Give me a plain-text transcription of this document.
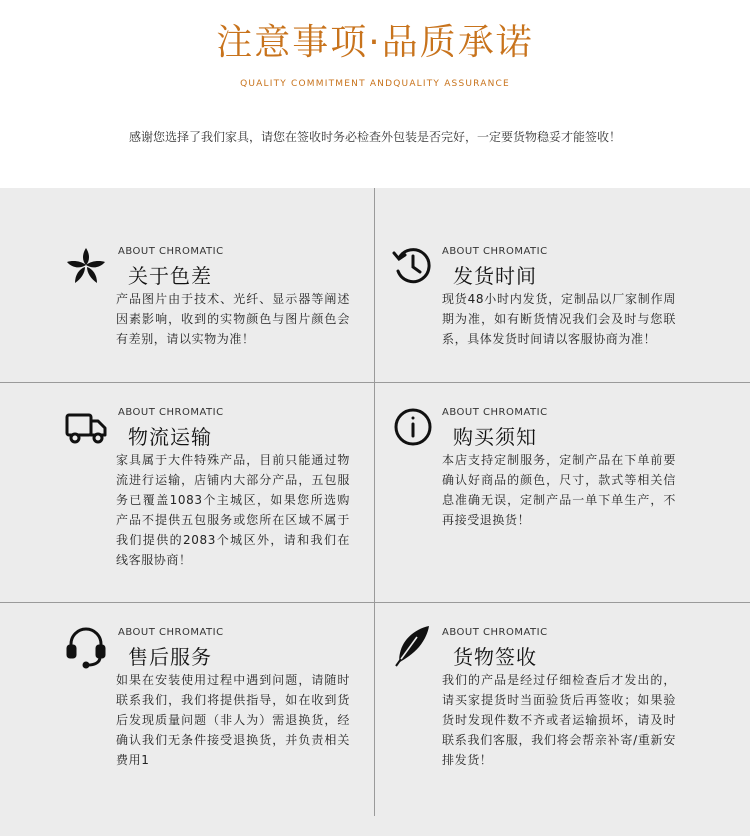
注意事项·品质承诺
QUALITY COMMITMENT ANDQUALITY ASSURANCE
感谢您选择了我们家具，请您在签收时务必检查外包装是否完好，一定要货物稳妥才能签收！
ABOUT CHROMATIC
关于色差
产品图片由于技术、光纤、显示器等阐述因素影响，收到的实物颜色与图片颜色会有差别，请以实物为准！
ABOUT CHROMATIC
发货时间
现货48小时内发货，定制品以厂家制作周期为准，如有断货情况我们会及时与您联系，具体发货时间请以客服协商为准！
ABOUT CHROMATIC
物流运输
家具属于大件特殊产品，目前只能通过物流进行运输，店铺内大部分产品，五包服务已覆盖1083个主城区，如果您所选购产品不提供五包服务或您所在区域不属于我们提供的2083个城区外，请和我们在线客服协商！
ABOUT CHROMATIC
购买须知
本店支持定制服务，定制产品在下单前要确认好商品的颜色，尺寸，款式等相关信息准确无误，定制产品一单下单生产，不再接受退换货！
ABOUT CHROMATIC
售后服务
如果在安装使用过程中遇到问题，请随时联系我们，我们将提供指导，如在收到货后发现质量问题（非人为）需退换货，经确认我们无条件接受退换货，并负责相关费用1
ABOUT CHROMATIC
货物签收
我们的产品是经过仔细检查后才发出的，请买家提货时当面验货后再签收；如果验货时发现件数不齐或者运输损坏，请及时联系我们客服，我们将会帮亲补寄/重新安排发货！
